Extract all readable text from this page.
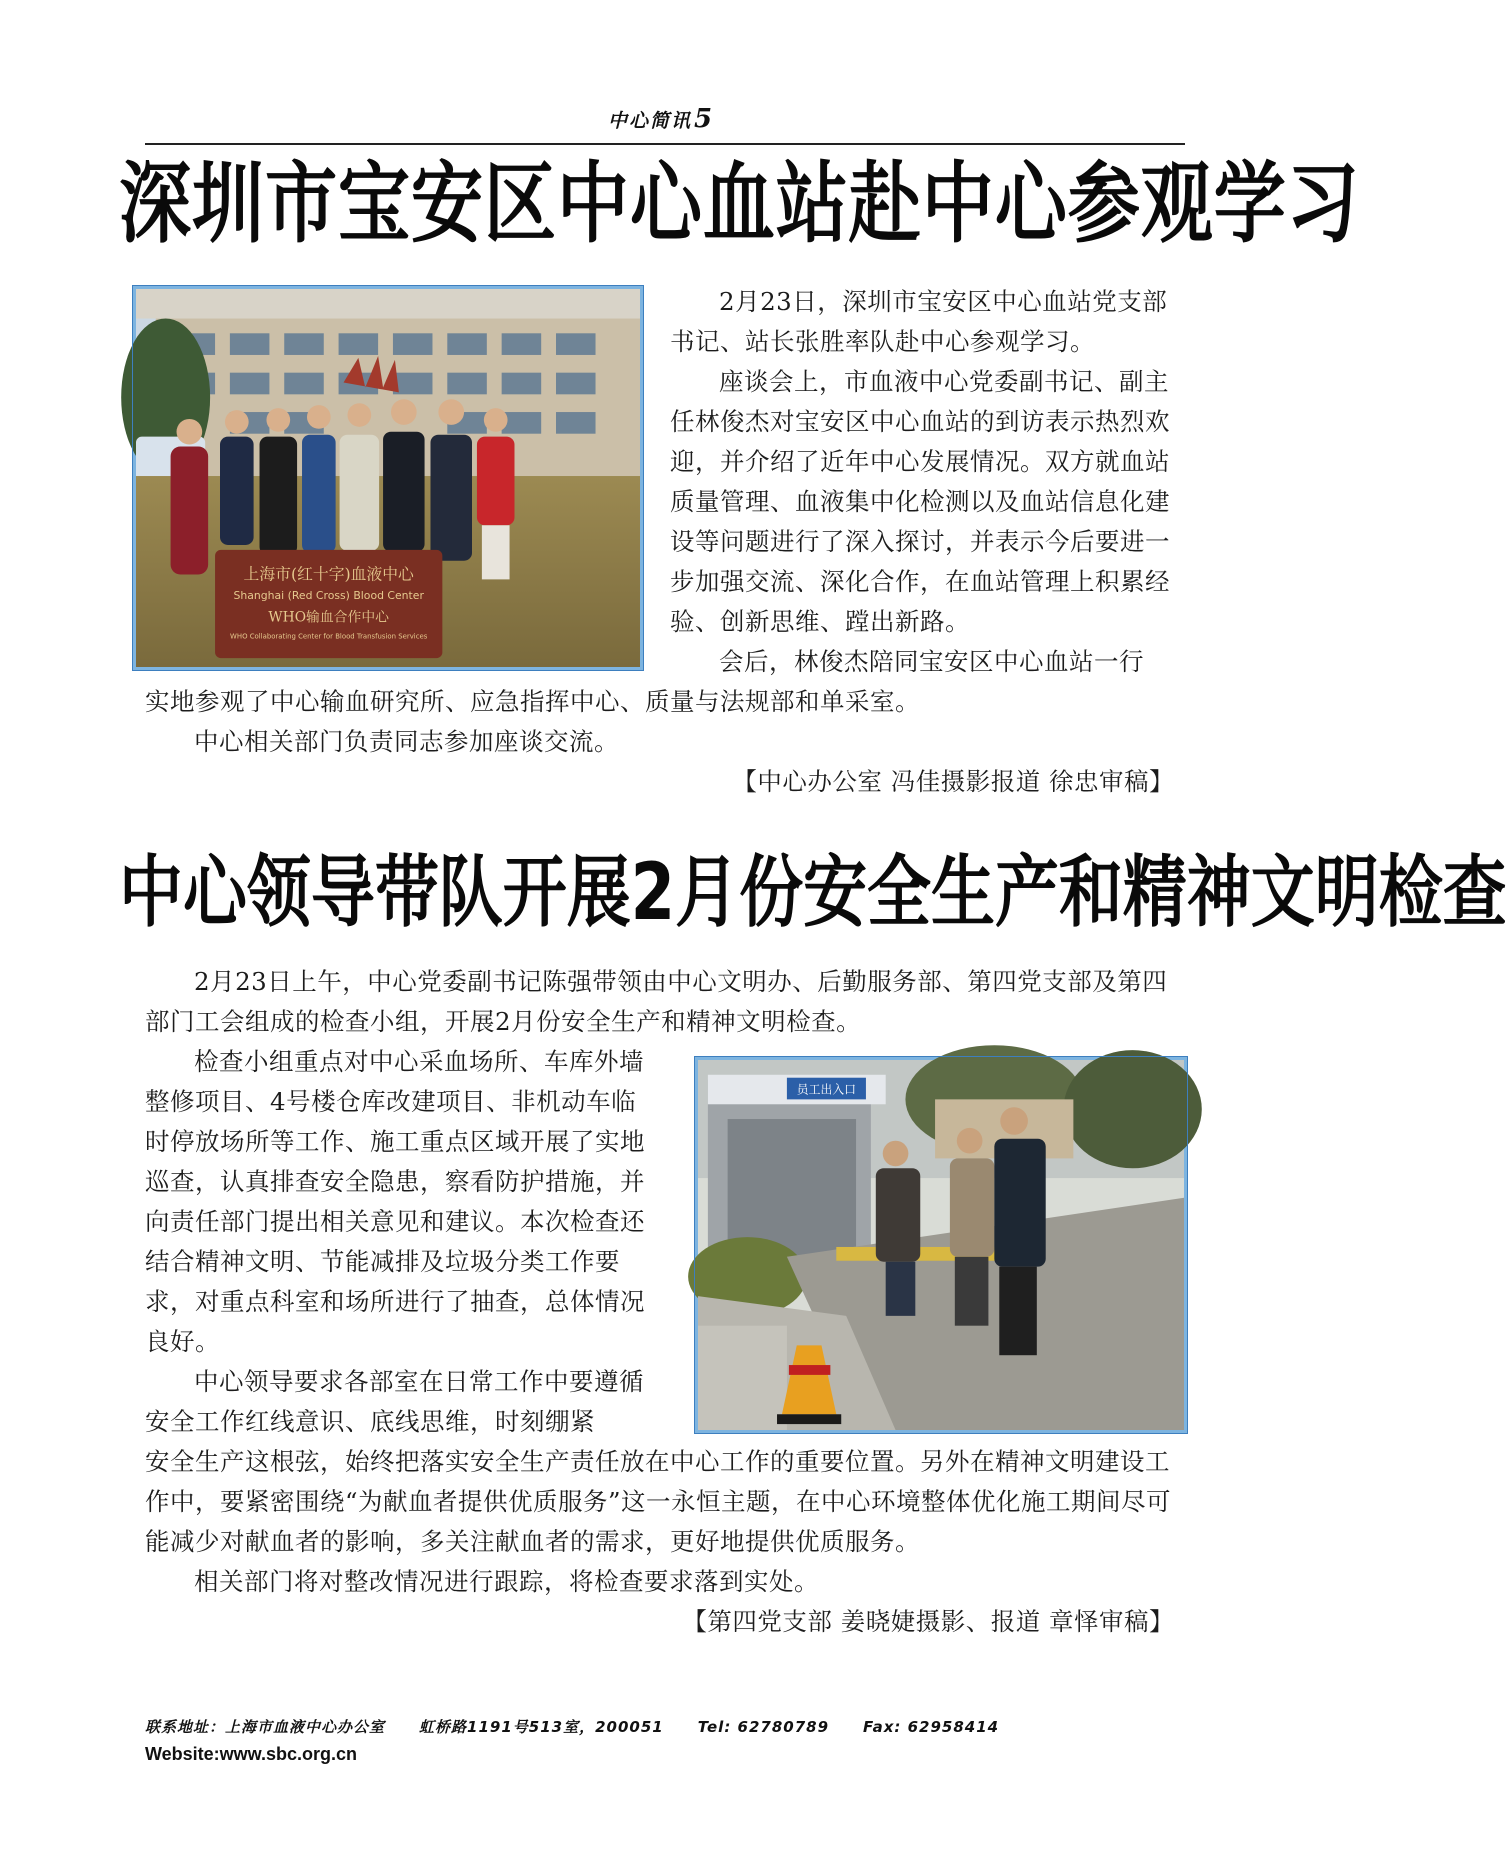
中心简讯5
深圳市宝安区中心血站赴中心参观学习
上海市(红十字)血液中心
Shanghai (Red Cross) Blood Center
WHO输血合作中心
WHO Collaborating Center for Blood Transfusion Services
2月23日，深圳市宝安区中心血站党支部书记、站长张胜率队赴中心参观学习。
座谈会上，市血液中心党委副书记、副主任林俊杰对宝安区中心血站的到访表示热烈欢迎，并介绍了近年中心发展情况。双方就血站质量管理、血液集中化检测以及血站信息化建设等问题进行了深入探讨，并表示今后要进一步加强交流、深化合作，在血站管理上积累经验、创新思维、蹚出新路。
会后，林俊杰陪同宝安区中心血站一行
实地参观了中心输血研究所、应急指挥中心、质量与法规部和单采室。
中心相关部门负责同志参加座谈交流。
【中心办公室 冯佳摄影报道 徐忠审稿】
中心领导带队开展2月份安全生产和精神文明检查
2月23日上午，中心党委副书记陈强带领由中心文明办、后勤服务部、第四党支部及第四部门工会组成的检查小组，开展2月份安全生产和精神文明检查。
检查小组重点对中心采血场所、车库外墙整修项目、4号楼仓库改建项目、非机动车临时停放场所等工作、施工重点区域开展了实地巡查，认真排查安全隐患，察看防护措施，并向责任部门提出相关意见和建议。本次检查还结合精神文明、节能减排及垃圾分类工作要求，对重点科室和场所进行了抽查，总体情况良好。
中心领导要求各部室在日常工作中要遵循安全工作红线意识、底线思维，时刻绷紧
安全生产这根弦，始终把落实安全生产责任放在中心工作的重要位置。另外在精神文明建设工作中，要紧密围绕“为献血者提供优质服务”这一永恒主题，在中心环境整体优化施工期间尽可能减少对献血者的影响，多关注献血者的需求，更好地提供优质服务。
相关部门将对整改情况进行跟踪，将检查要求落到实处。
【第四党支部 姜晓婕摄影、报道 章怿审稿】
员工出入口
联系地址：上海市血液中心办公室 虹桥路1191号513室，200051 Tel: 62780789 Fax: 62958414
Website:www.sbc.org.cn
